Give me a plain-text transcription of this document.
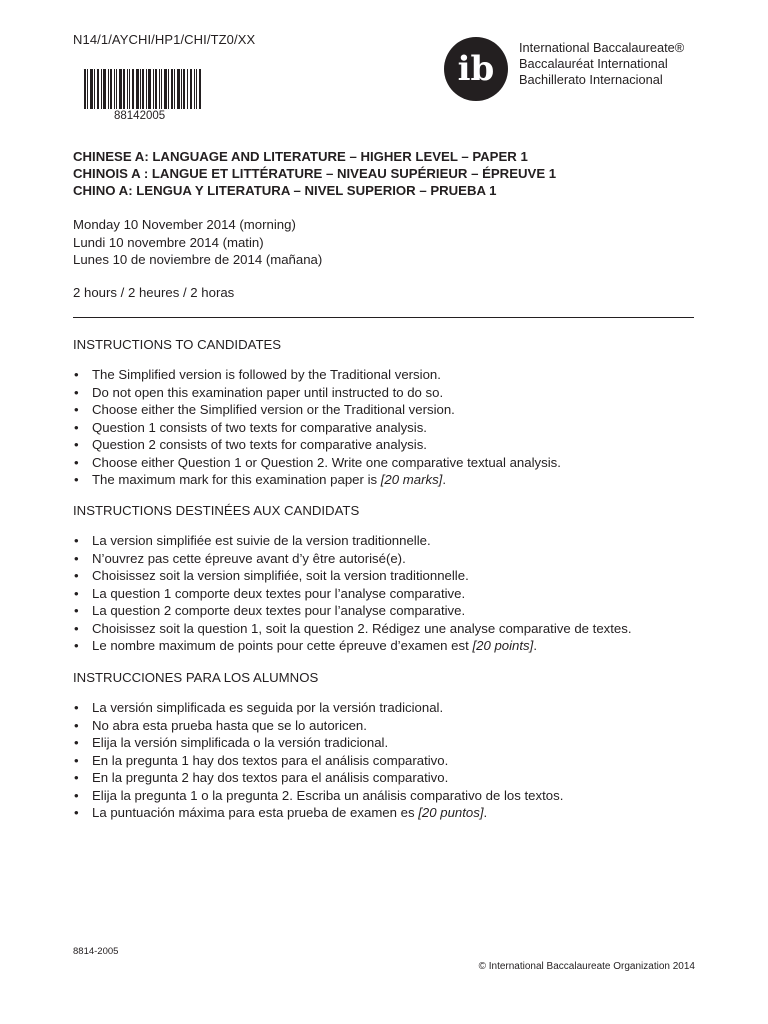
N14/1/AYCHI/HP1/CHI/TZ0/XX
88142005
ib
International Baccalaureate®
Baccalauréat International
Bachillerato Internacional
CHINESE A: LANGUAGE AND LITERATURE – HIGHER LEVEL – PAPER 1
CHINOIS A : LANGUE ET LITTÉRATURE – NIVEAU SUPÉRIEUR – ÉPREUVE 1
CHINO A: LENGUA Y LITERATURA – NIVEL SUPERIOR – PRUEBA 1
Monday 10 November 2014 (morning)
Lundi 10 novembre 2014 (matin)
Lunes 10 de noviembre de 2014 (mañana)
2 hours / 2 heures / 2 horas
INSTRUCTIONS TO CANDIDATES
• The Simplified version is followed by the Traditional version.
• Do not open this examination paper until instructed to do so.
• Choose either the Simplified version or the Traditional version.
• Question 1 consists of two texts for comparative analysis.
• Question 2 consists of two texts for comparative analysis.
• Choose either Question 1 or Question 2. Write one comparative textual analysis.
• The maximum mark for this examination paper is [20 marks].
INSTRUCTIONS DESTINÉES AUX CANDIDATS
• La version simplifiée est suivie de la version traditionnelle.
• N’ouvrez pas cette épreuve avant d’y être autorisé(e).
• Choisissez soit la version simplifiée, soit la version traditionnelle.
• La question 1 comporte deux textes pour l’analyse comparative.
• La question 2 comporte deux textes pour l’analyse comparative.
• Choisissez soit la question 1, soit la question 2. Rédigez une analyse comparative de textes.
• Le nombre maximum de points pour cette épreuve d’examen est [20 points].
INSTRUCCIONES PARA LOS ALUMNOS
• La versión simplificada es seguida por la versión tradicional.
• No abra esta prueba hasta que se lo autoricen.
• Elija la versión simplificada o la versión tradicional.
• En la pregunta 1 hay dos textos para el análisis comparativo.
• En la pregunta 2 hay dos textos para el análisis comparativo.
• Elija la pregunta 1 o la pregunta 2. Escriba un análisis comparativo de los textos.
• La puntuación máxima para esta prueba de examen es [20 puntos].
8814-2005
© International Baccalaureate Organization 2014
